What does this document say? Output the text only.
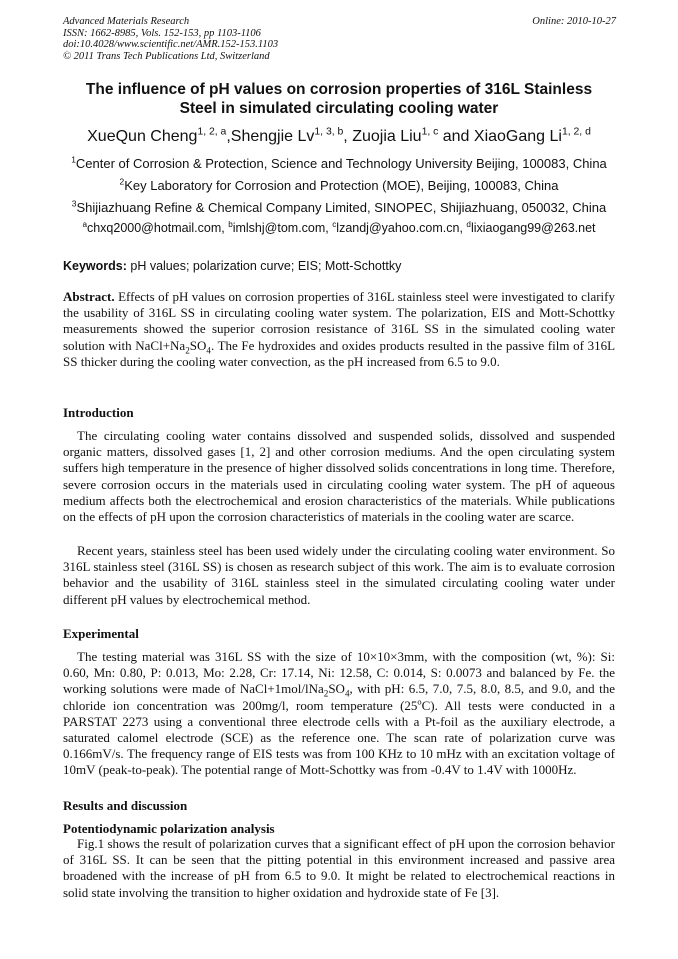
Advanced Materials Research
ISSN: 1662-8985, Vols. 152-153, pp 1103-1106
doi:10.4028/www.scientific.net/AMR.152-153.1103
© 2011 Trans Tech Publications Ltd, Switzerland
Online: 2010-10-27
The influence of pH values on corrosion properties of 316L Stainless
Steel in simulated circulating cooling water
XueQun Cheng$^{1, 2, a}$,Shengjie Lv$^{1, 3, b}$, Zuojia Liu$^{1, c}$ and XiaoGang Li$^{1, 2, d}$
$^1$Center of Corrosion & Protection, Science and Technology University Beijing, 100083, China
$^2$Key Laboratory for Corrosion and Protection (MOE), Beijing, 100083, China
$^3$Shijiazhuang Refine & Chemical Company Limited, SINOPEC, Shijiazhuang, 050032, China
$^a$chxq2000@hotmail.com, $^b$imlshj@tom.com, $^c$lzandj@yahoo.com.cn, $^d$lixiaogang99@263.net
Keywords: pH values; polarization curve; EIS; Mott-Schottky

Abstract. Effects of pH values on corrosion properties of 316L stainless steel were investigated to clarify the usability of 316L SS in circulating cooling water system. The polarization, EIS and Mott-Schottky measurements showed the superior corrosion resistance of 316L SS in the simulated cooling water solution with $NaCl+Na_2SO_4$. The Fe hydroxides and oxides products resulted in the passive film of 316L SS thicker during the cooling water convection, as the pH increased from 6.5 to 9.0.

Introduction

The circulating cooling water contains dissolved and suspended solids, dissolved and suspended organic matters, dissolved gases [1, 2] and other corrosion mediums. And the open circulating system suffers high temperature in the presence of higher dissolved solids concentrations in long time. Therefore, severe corrosion occurs in the materials used in circulating cooling water system. The pH of aqueous medium affects both the electrochemical and erosion characteristics of the materials. While publications on the effects of pH upon the corrosion characteristics of materials in the cooling water are scarce.

Recent years, stainless steel has been used widely under the circulating cooling water environment. So 316L stainless steel (316L SS) is chosen as research subject of this work. The aim is to evaluate corrosion behavior and the usability of 316L stainless steel in the simulated circulating cooling water under different pH values by electrochemical method.

Experimental

The testing material was 316L SS with the size of 10×10×3mm, with the composition (wt, %): Si: 0.60, Mn: 0.80, P: 0.013, Mo: 2.28, Cr: 17.14, Ni: 12.58, C: 0.014, S: 0.0073 and balanced by Fe. the working solutions were made of $NaCl+1mol/lNa_2SO_4$, with pH: 6.5, 7.0, 7.5, 8.0, 8.5, and 9.0, and the chloride ion concentration was 200mg/l, room temperature (25$^o$C). All tests were conducted in a PARSTAT 2273 using a conventional three electrode cells with a Pt-foil as the auxiliary electrode, a saturated calomel electrode (SCE) as the reference one. The scan rate of polarization curve was 0.166mV/s. The frequency range of EIS tests was from 100 KHz to 10 mHz with an excitation voltage of 10mV (peak-to-peak). The potential range of Mott-Schottky was from -0.4V to 1.4V with 1000Hz.

Results and discussion
Potentiodynamic polarization analysis

Fig.1 shows the result of polarization curves that a significant effect of pH upon the corrosion behavior of 316L SS. It can be seen that the pitting potential in this environment increased and passive area broadened with the increase of pH from 6.5 to 9.0. It might be related to electrochemical reactions in solid state involving the transition to higher oxidation and hydroxide state of Fe [3].
